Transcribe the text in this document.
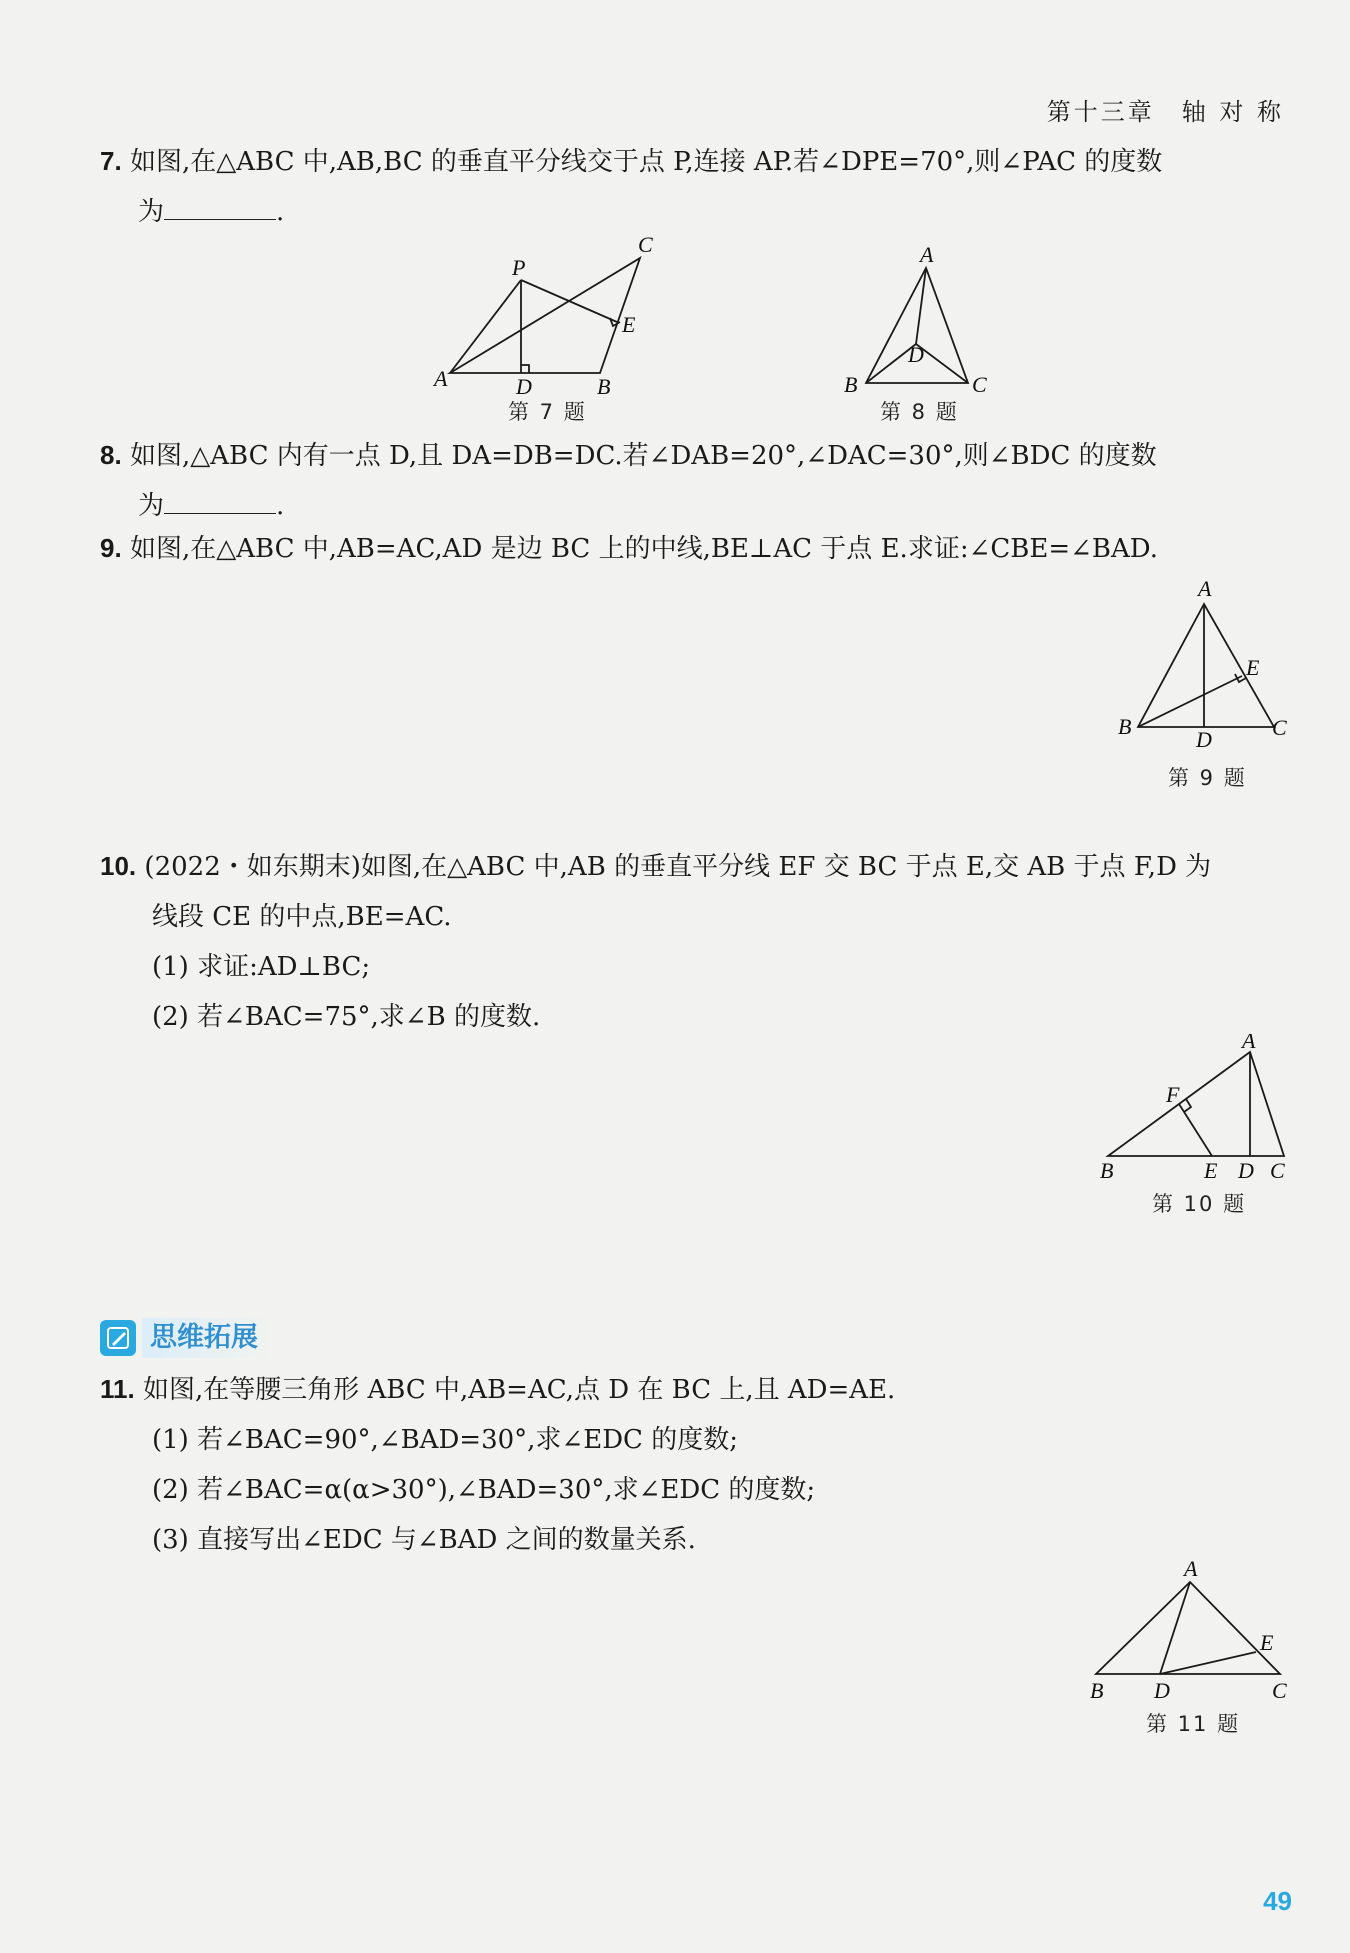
第十三章　轴 对 称
7. 如图,在△ABC 中,AB,BC 的垂直平分线交于点 P,连接 AP.若∠DPE=70°,则∠PAC 的度数
为	.
P
C
E
A	D	B
第 7 题
A
D
B	C
第 8 题
8. 如图,△ABC 内有一点 D,且 DA=DB=DC.若∠DAB=20°,∠DAC=30°,则∠BDC 的度数
为	.
9. 如图,在△ABC 中,AB=AC,AD 是边 BC 上的中线,BE⊥AC 于点 E.求证:∠CBE=∠BAD.
A
E
B
D	C
第 9 题
10. (2022・如东期末)如图,在△ABC 中,AB 的垂直平分线 EF 交 BC 于点 E,交 AB 于点 F,D 为
线段 CE 的中点,BE=AC.
(1) 求证:AD⊥BC;
(2) 若∠BAC=75°,求∠B 的度数.
A
F
B	E D C
第 10 题
思维拓展
11. 如图,在等腰三角形 ABC 中,AB=AC,点 D 在 BC 上,且 AD=AE.
(1) 若∠BAC=90°,∠BAD=30°,求∠EDC 的度数;
(2) 若∠BAC=α(α>30°),∠BAD=30°,求∠EDC 的度数;
(3) 直接写出∠EDC 与∠BAD 之间的数量关系.
A
E
B D	C
第 11 题
49
